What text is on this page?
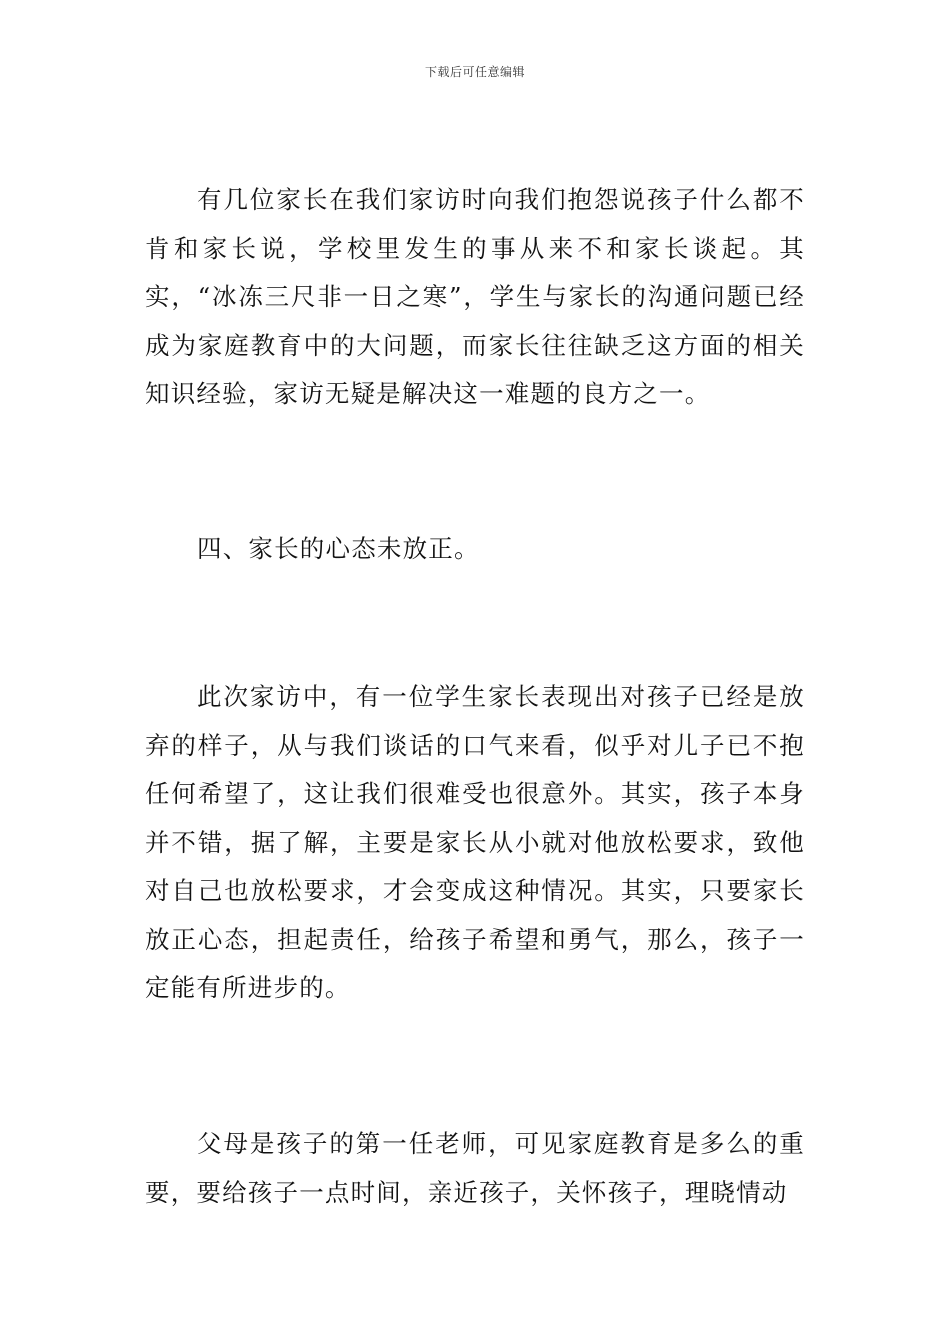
下载后可任意编辑

有几位家长在我们家访时向我们抱怨说孩子什么都不肯和家长说，学校里发生的事从来不和家长谈起。其实，“冰冻三尺非一日之寒”，学生与家长的沟通问题已经成为家庭教育中的大问题，而家长往往缺乏这方面的相关知识经验，家访无疑是解决这一难题的良方之一。

四、家长的心态未放正。

此次家访中，有一位学生家长表现出对孩子已经是放弃的样子，从与我们谈话的口气来看，似乎对儿子已不抱任何希望了，这让我们很难受也很意外。其实，孩子本身并不错，据了解，主要是家长从小就对他放松要求，致他对自己也放松要求，才会变成这种情况。其实，只要家长放正心态，担起责任，给孩子希望和勇气，那么，孩子一定能有所进步的。

父母是孩子的第一任老师，可见家庭教育是多么的重要，要给孩子一点时间，亲近孩子，关怀孩子，理晓情动
